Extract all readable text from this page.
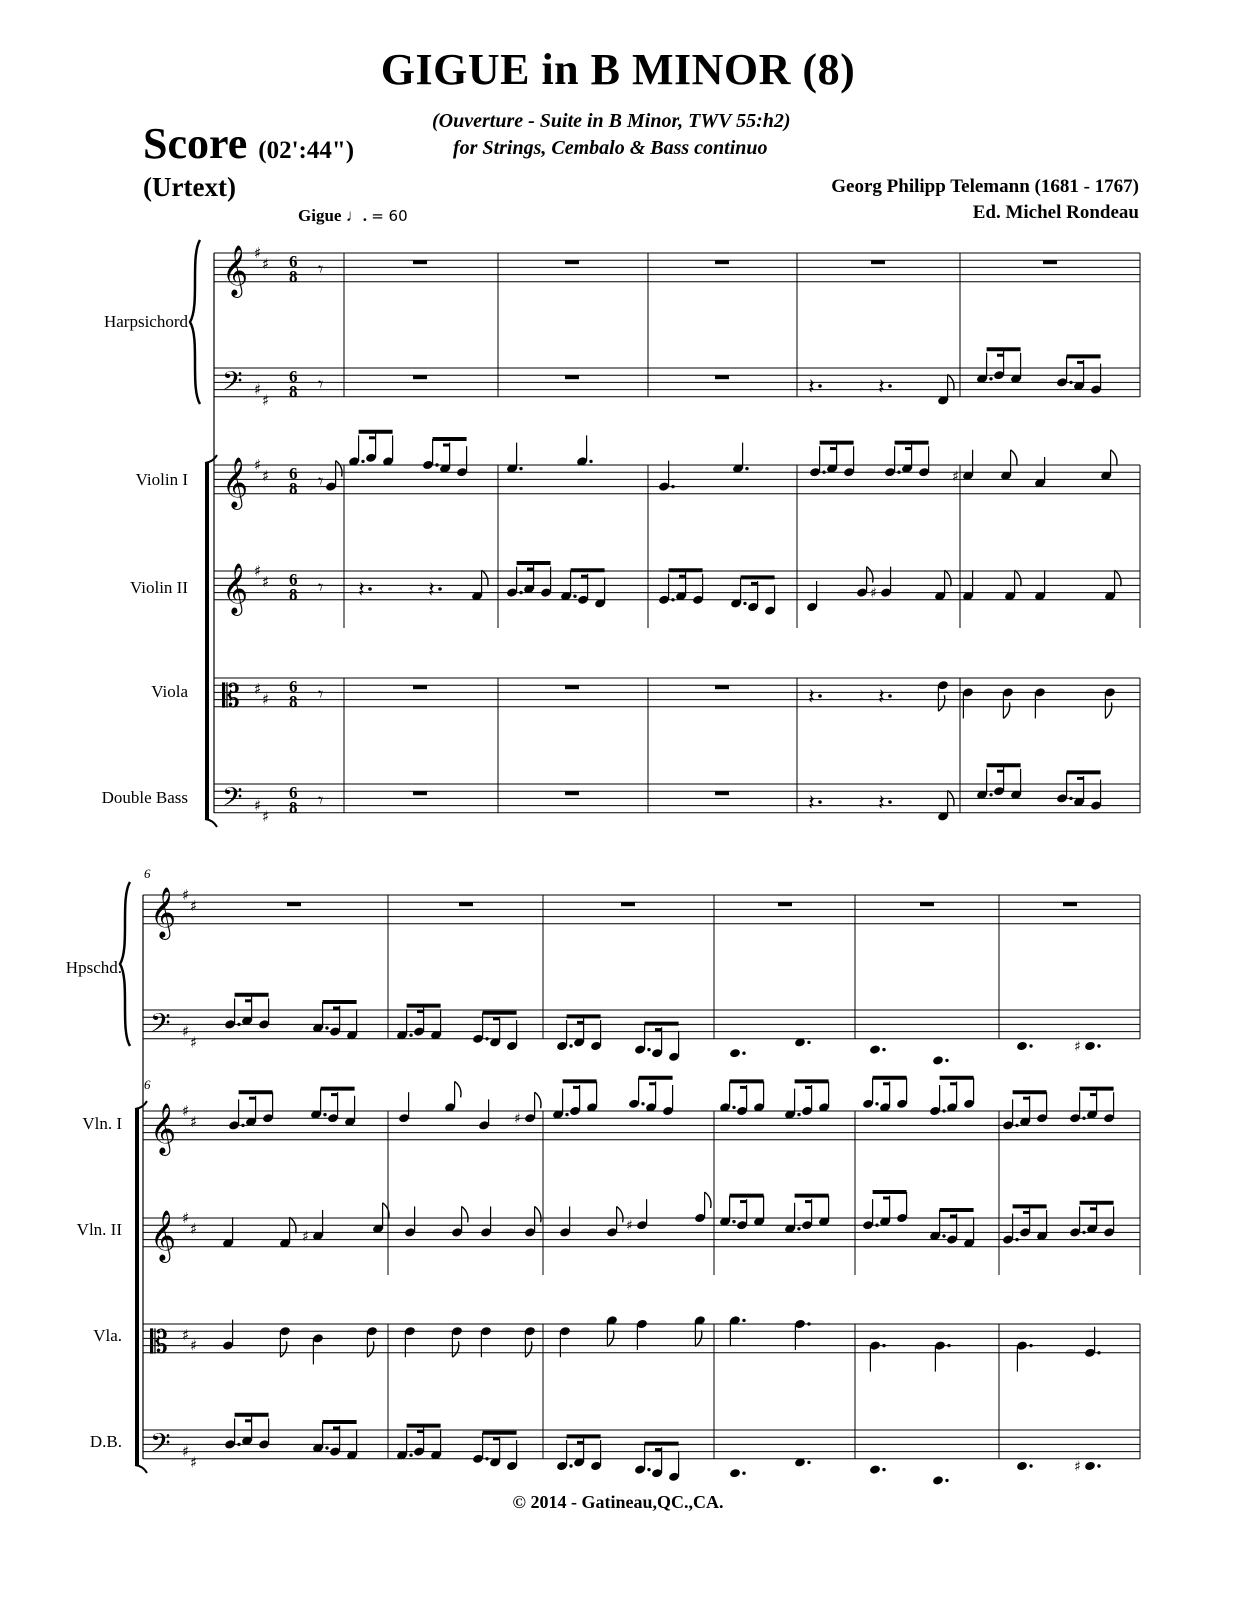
GIGUE in B MINOR (8)
Score (02':44")
(Urtext)
(Ouverture - Suite in B Minor, TWV 55:h2)
for Strings, Cembalo & Bass continuo
Georg Philipp Telemann (1681 - 1767)
Ed. Michel Rondeau
Gigue ♩. = 60
Harpsichord
Violin I
Violin II
Viola
Double Bass
6
6
Hpschd.
Vln. I
Vln. II
Vla.
D.B.
© 2014 - Gatineau,QC.,CA.
𝄞 ♯
♯ 6
8
𝄢 ♯
♯
6
8
𝄞 ♯
♯ 6
8
𝄞 ♯
♯ 6
8
𝄡 ♯
♯
6
8
𝄢 ♯
♯
6
8
𝄾
𝄾
𝄾
𝄾
𝄾
𝄾
𝄽	𝄽
♯
𝄽	𝄽	♯
𝄽	𝄽
𝄽	𝄽
𝄞 ♯
♯
𝄢 ♯
♯
𝄞 ♯
♯
𝄞 ♯
♯
𝄡 ♯
♯
𝄢 ♯
♯
♯
♯
♯
♯
♯
